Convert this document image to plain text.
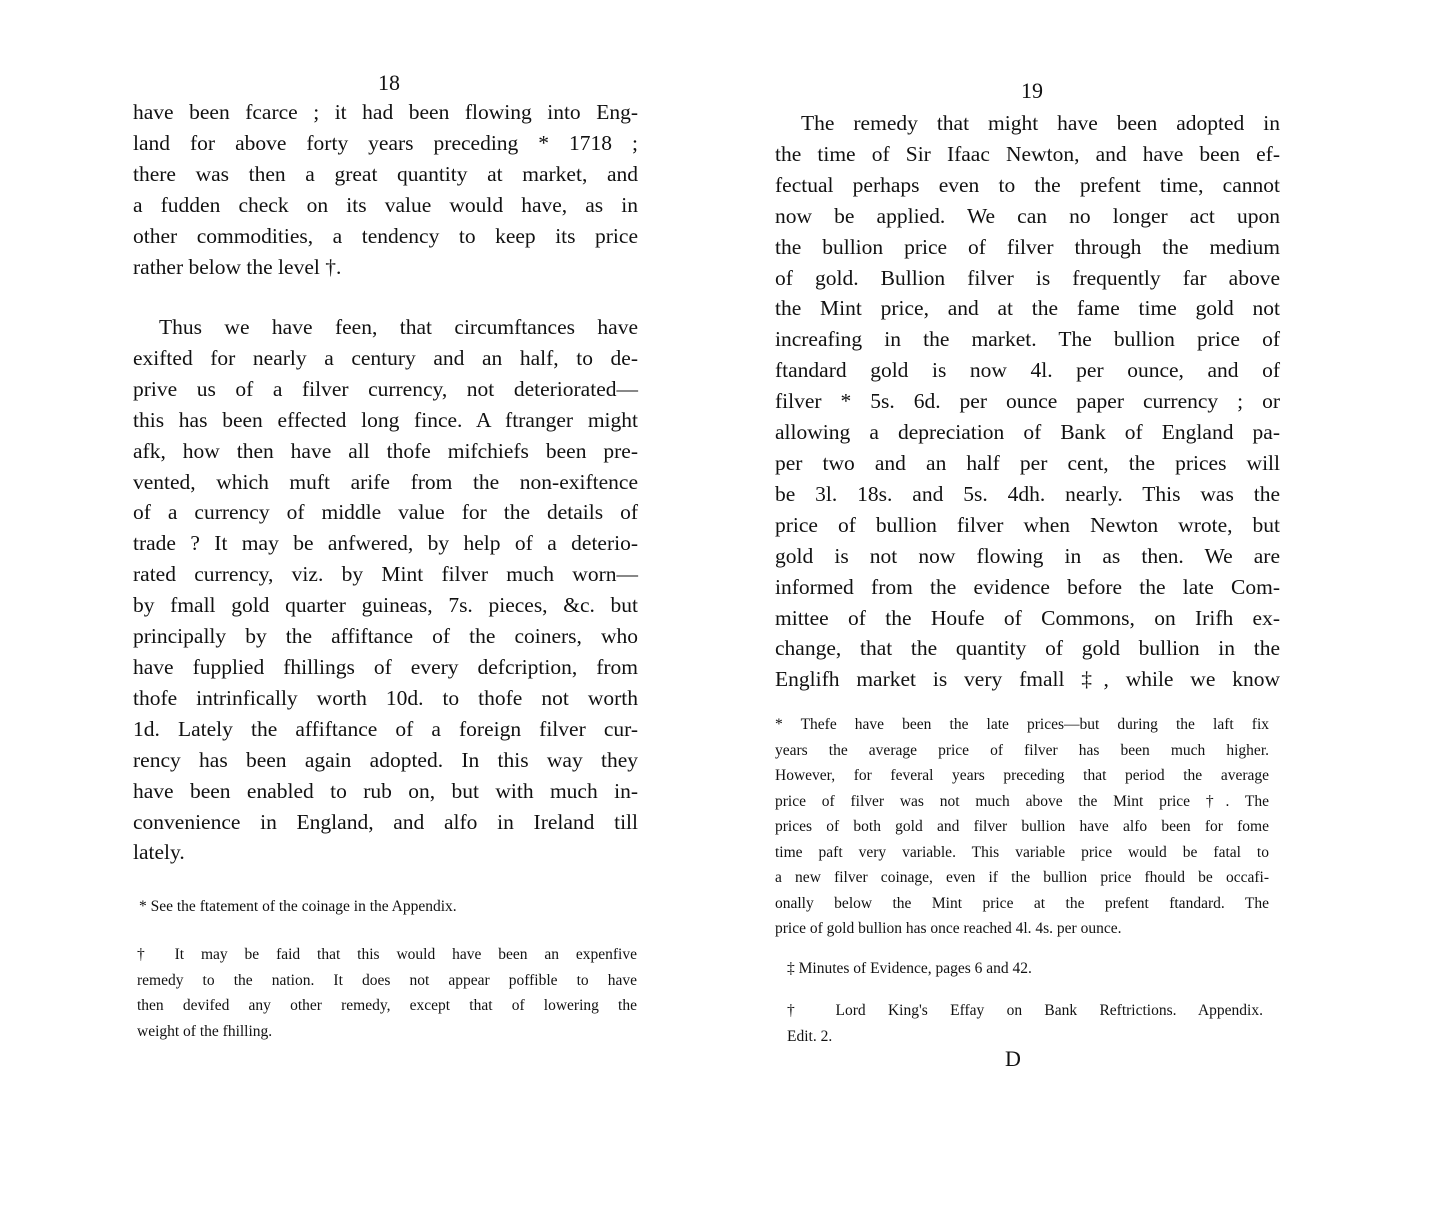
18
have been fcarce ; it had been flowing into Eng-
land for above forty years preceding * 1718 ;
there was then a great quantity at market, and
a fudden check on its value would have, as in
other commodities, a tendency to keep its price
rather below the level †.
Thus we have feen, that circumftances have
exifted for nearly a century and an half, to de-
prive us of a filver currency, not deteriorated—
this has been effected long fince. A ftranger might
afk, how then have all thofe mifchiefs been pre-
vented, which muft arife from the non-exiftence
of a currency of middle value for the details of
trade ? It may be anfwered, by help of a deterio-
rated currency, viz. by Mint filver much worn—
by fmall gold quarter guineas, 7s. pieces, &c. but
principally by the affiftance of the coiners, who
have fupplied fhillings of every defcription, from
thofe intrinfically worth 10d. to thofe not worth
1d. Lately the affiftance of a foreign filver cur-
rency has been again adopted. In this way they
have been enabled to rub on, but with much in-
convenience in England, and alfo in Ireland till
lately.
* See the ftatement of the coinage in the Appendix.
† It may be faid that this would have been an expenfive
remedy to the nation. It does not appear poffible to have
then devifed any other remedy, except that of lowering the
weight of the fhilling.
19
The remedy that might have been adopted in
the time of Sir Ifaac Newton, and have been ef-
fectual perhaps even to the prefent time, cannot
now be applied. We can no longer act upon
the bullion price of filver through the medium
of gold. Bullion filver is frequently far above
the Mint price, and at the fame time gold not
increafing in the market. The bullion price of
ftandard gold is now 4l. per ounce, and of
filver * 5s. 6d. per ounce paper currency ; or
allowing a depreciation of Bank of England pa-
per two and an half per cent, the prices will
be 3l. 18s. and 5s. 4dh. nearly. This was the
price of bullion filver when Newton wrote, but
gold is not now flowing in as then. We are
informed from the evidence before the late Com-
mittee of the Houfe of Commons, on Irifh ex-
change, that the quantity of gold bullion in the
Englifh market is very fmall ‡, while we know
* Thefe have been the late prices—but during the laft fix
years the average price of filver has been much higher.
However, for feveral years preceding that period the average
price of filver was not much above the Mint price †. The
prices of both gold and filver bullion have alfo been for fome
time paft very variable. This variable price would be fatal to
a new filver coinage, even if the bullion price fhould be occafi-
onally below the Mint price at the prefent ftandard. The
price of gold bullion has once reached 4l. 4s. per ounce.
‡ Minutes of Evidence, pages 6 and 42.
† Lord King's Effay on Bank Reftrictions. Appendix.
Edit. 2.
D
